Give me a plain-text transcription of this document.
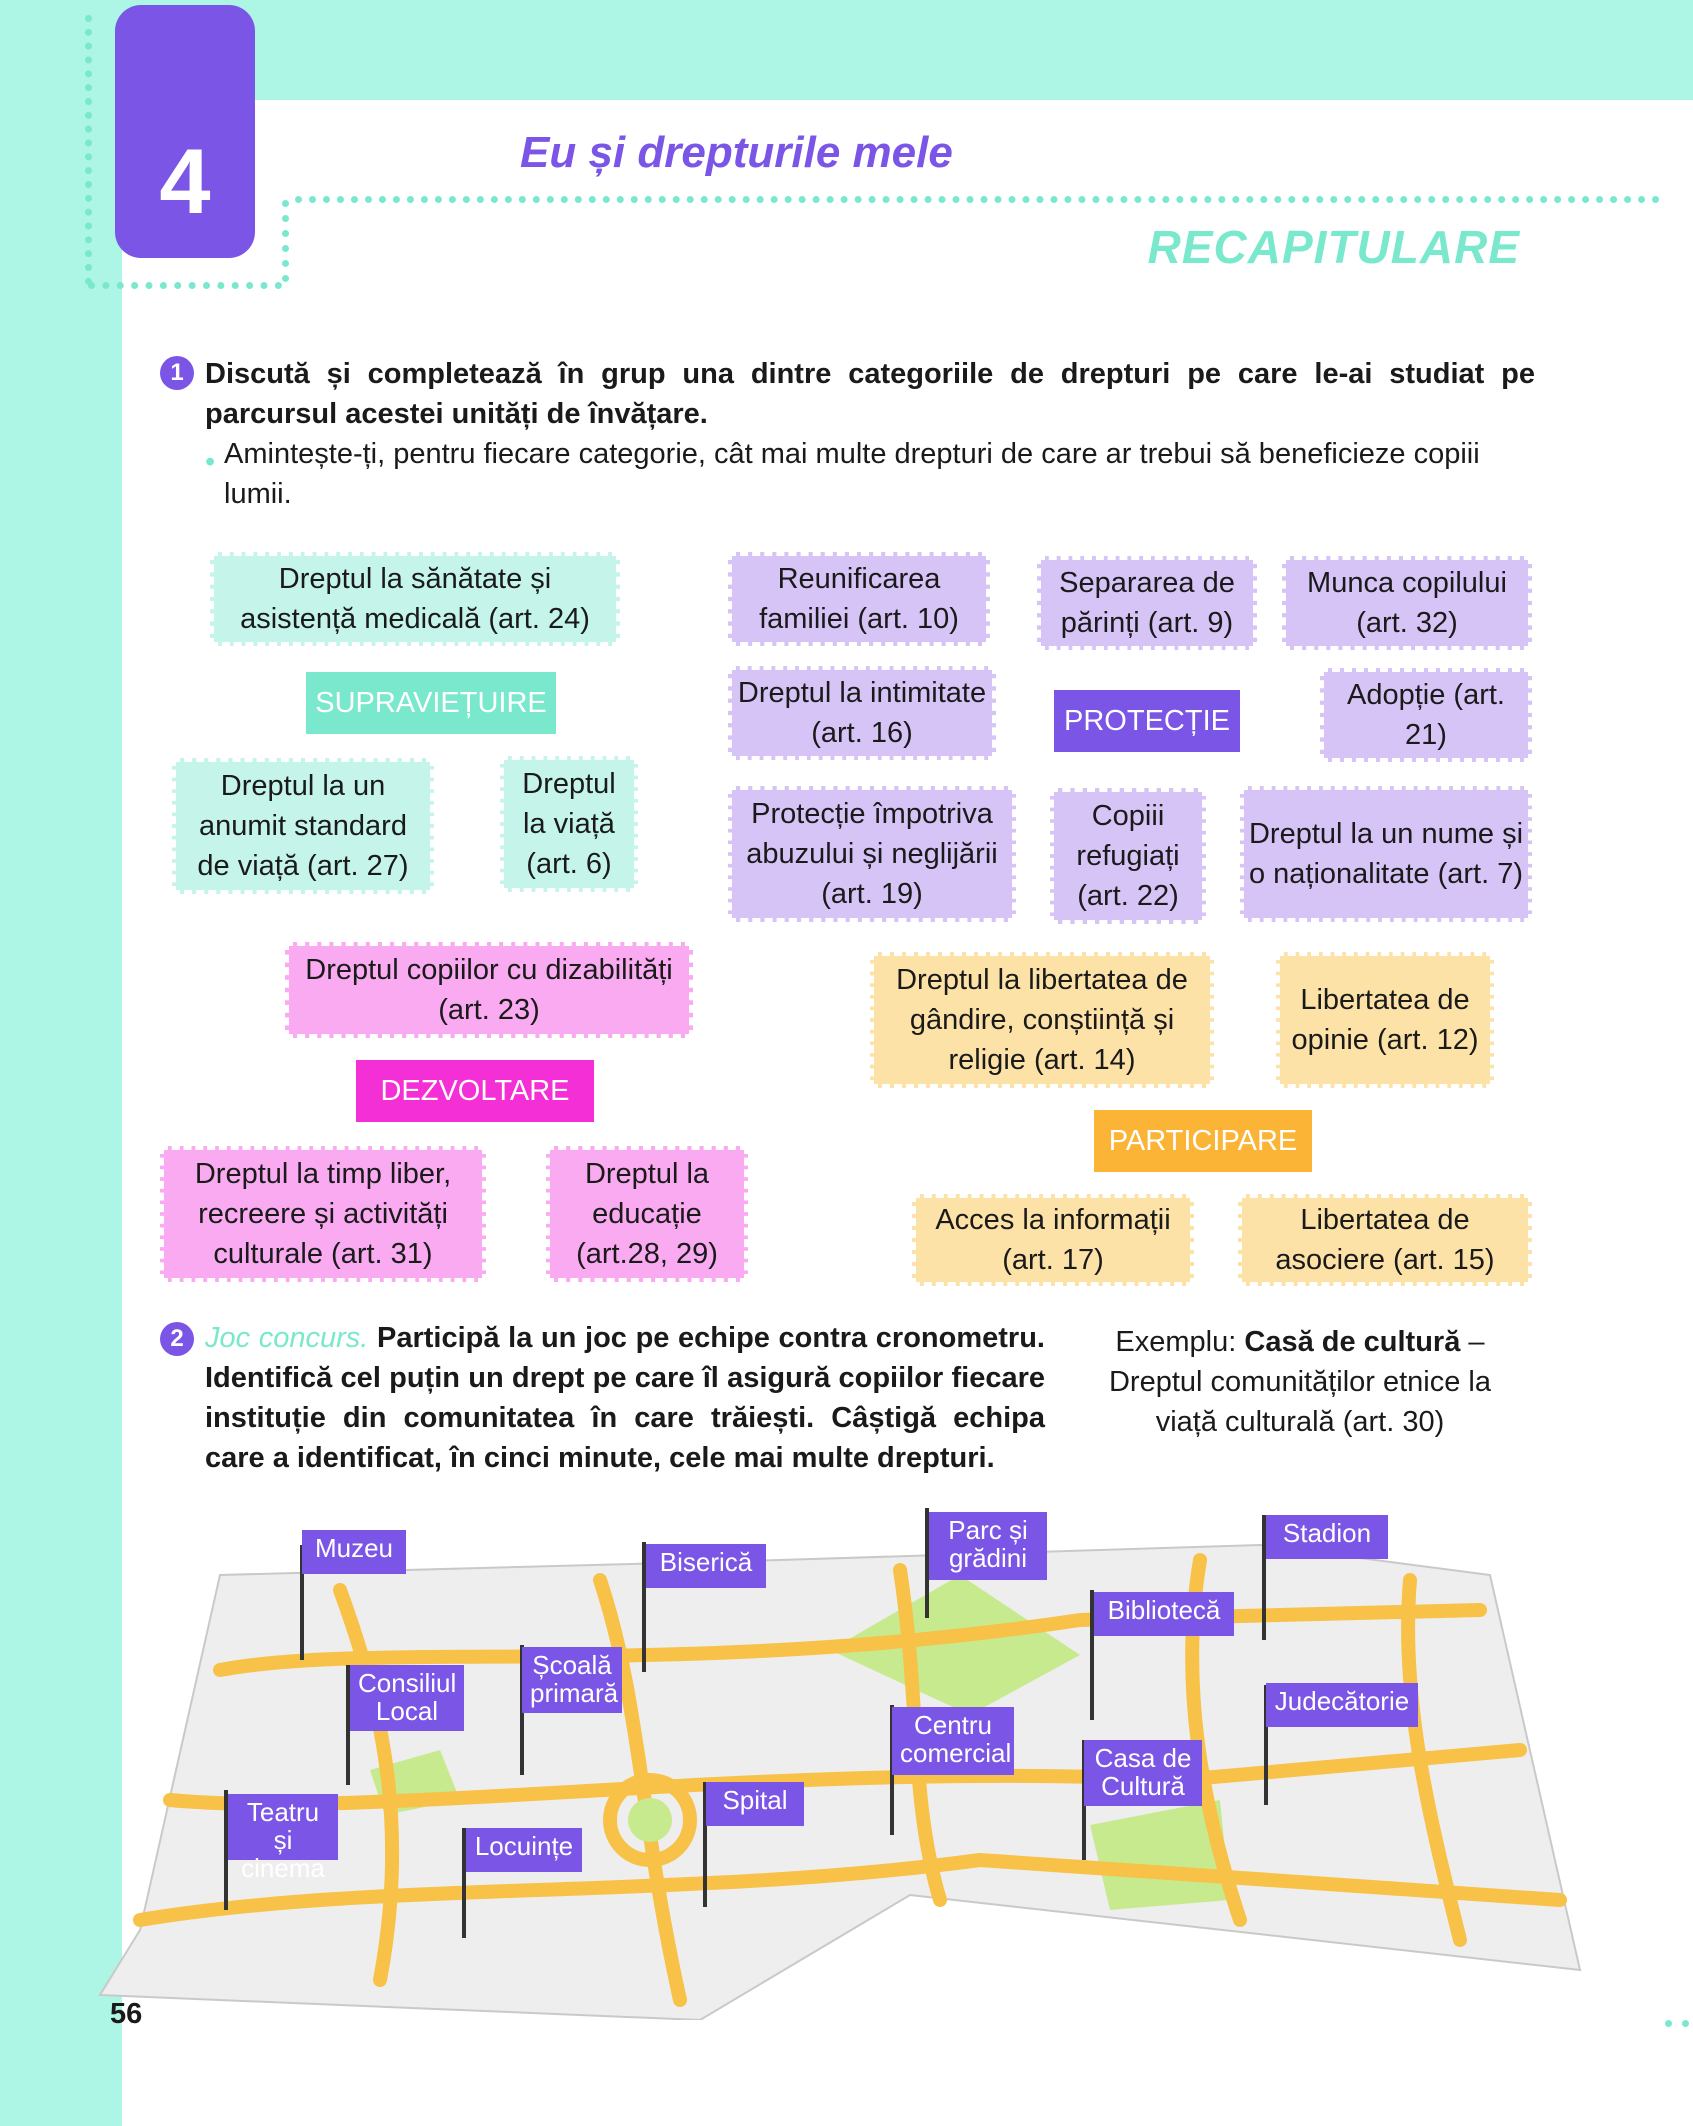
4	Eu și drepturile mele
RECAPITULARE
1 Discută și completează în grup una dintre categoriile de drepturi pe care le-ai studiat pe parcursul acestei unități de învățare.
• Amintește-ți, pentru fiecare categorie, cât mai multe drepturi de care ar trebui să beneficieze copiii lumii.
Dreptul la sănătate și asistență medicală (art. 24)
SUPRAVIEȚUIRE
Dreptul la un anumit standard de viață (art. 27)
Dreptul la viață (art. 6)
Reunificarea familiei (art. 10)
Separarea de părinți (art. 9)
Munca copilului (art. 32)
Dreptul la intimitate (art. 16)	PROTECȚIE
Adopție (art. 21)
Protecție împotriva abuzului și neglijării (art. 19)
Copiii refugiați (art. 22)
Dreptul la un nume și o naționalitate (art. 7)
Dreptul copiilor cu dizabilități (art. 23)
DEZVOLTARE
Dreptul la timp liber, recreere și activități culturale (art. 31)
Dreptul la educație (art.28, 29)
Dreptul la libertatea de gândire, conștiință și religie (art. 14)
Libertatea de opinie (art. 12)
PARTICIPARE
Acces la informații (art. 17)
Libertatea de asociere (art. 15)
2 Joc concurs. Participă la un joc pe echipe contra cronometru. Identifică cel puțin un drept pe care îl asigură copiilor fiecare instituție din comunitatea în care trăiești. Câștigă echipa care a identificat, în cinci minute, cele mai multe drepturi.
Exemplu: Casă de cultură – Dreptul comunităților etnice la viață culturală (art. 30)
Muzeu	Biserică
Parc și grădini
Stadion
Bibliotecă
Consiliul Local
Școală primară
Centru comercial
Judecătorie
Casa de Cultură
Teatru și cinema
Locuințe
Spital
56
